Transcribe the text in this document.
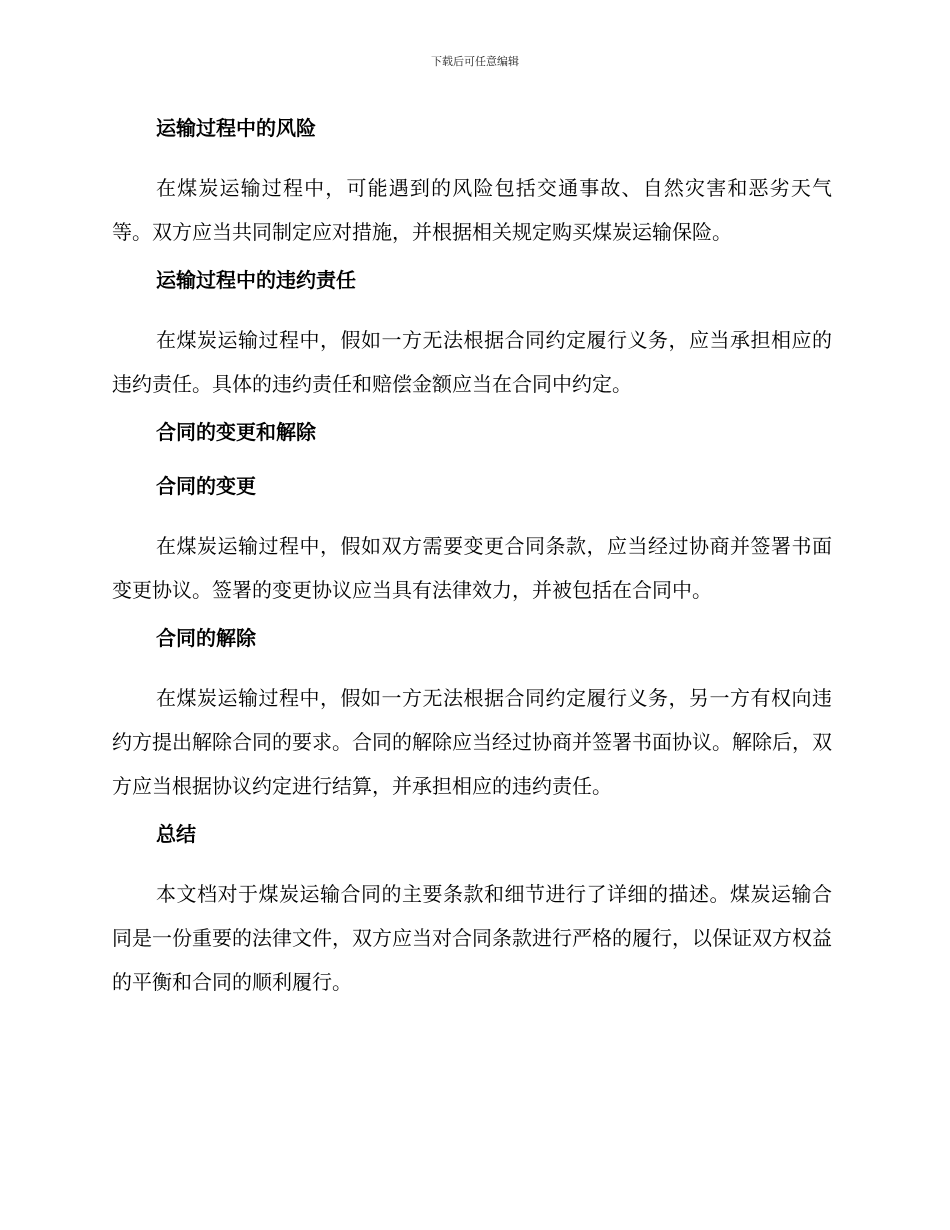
下载后可任意编辑
运输过程中的风险
在煤炭运输过程中，可能遇到的风险包括交通事故、自然灾害和恶劣天气等。双方应当共同制定应对措施，并根据相关规定购买煤炭运输保险。
运输过程中的违约责任
在煤炭运输过程中，假如一方无法根据合同约定履行义务，应当承担相应的违约责任。具体的违约责任和赔偿金额应当在合同中约定。
合同的变更和解除
合同的变更
在煤炭运输过程中，假如双方需要变更合同条款，应当经过协商并签署书面变更协议。签署的变更协议应当具有法律效力，并被包括在合同中。
合同的解除
在煤炭运输过程中，假如一方无法根据合同约定履行义务，另一方有权向违约方提出解除合同的要求。合同的解除应当经过协商并签署书面协议。解除后，双方应当根据协议约定进行结算，并承担相应的违约责任。
总结
本文档对于煤炭运输合同的主要条款和细节进行了详细的描述。煤炭运输合同是一份重要的法律文件，双方应当对合同条款进行严格的履行，以保证双方权益的平衡和合同的顺利履行。
